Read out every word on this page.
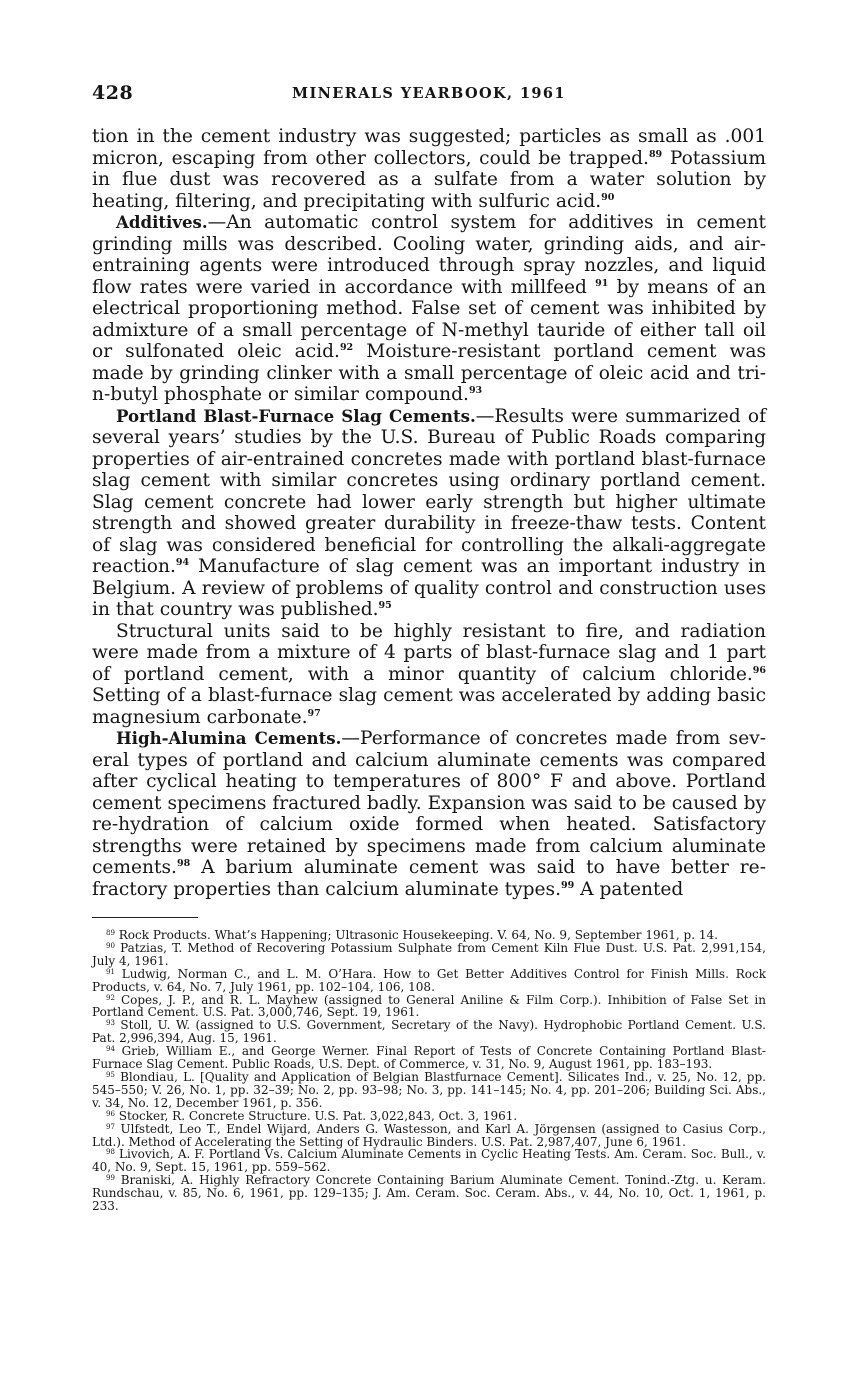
428	MINERALS YEARBOOK, 1961

tion in the cement industry was suggested; particles as small as .001 micron, escaping from other collectors, could be trapped.$^{89}$ Potassium in flue dust was recovered as a sulfate from a water solution by heating, filtering, and precipitating with sulfuric acid.$^{90}$

Additives.—An automatic control system for additives in cement grinding mills was described. Cooling water, grinding aids, and air-entraining agents were introduced through spray nozzles, and liquid flow rates were varied in accordance with millfeed $^{91}$ by means of an electrical proportioning method. False set of cement was inhibited by admixture of a small percentage of N-methyl tauride of either tall oil or sulfonated oleic acid.$^{92}$ Moisture-resistant portland cement was made by grinding clinker with a small percentage of oleic acid and tri-n-butyl phosphate or similar compound.$^{93}$

Portland Blast-Furnace Slag Cements.—Results were summarized of several years’ studies by the U.S. Bureau of Public Roads comparing properties of air-entrained concretes made with portland blast-furnace slag cement with similar concretes using ordinary portland cement. Slag cement concrete had lower early strength but higher ultimate strength and showed greater durability in freeze-thaw tests. Content of slag was considered beneficial for controlling the alkali-aggregate reaction.$^{94}$ Manufacture of slag cement was an important industry in Belgium. A review of problems of quality control and construction uses in that country was published.$^{95}$

Structural units said to be highly resistant to fire, and radiation were made from a mixture of 4 parts of blast-furnace slag and 1 part of portland cement, with a minor quantity of calcium chloride.$^{96}$ Setting of a blast-furnace slag cement was accelerated by adding basic magnesium carbonate.$^{97}$

High-Alumina Cements.—Performance of concretes made from several types of portland and calcium aluminate cements was compared after cyclical heating to temperatures of 800° F and above. Portland cement specimens fractured badly. Expansion was said to be caused by re-hydration of calcium oxide formed when heated. Satisfactory strengths were retained by specimens made from calcium aluminate cements.$^{98}$ A barium aluminate cement was said to have better refractory properties than calcium aluminate types.$^{99}$ A patented

$^{89}$ Rock Products. What’s Happening; Ultrasonic Housekeeping. V. 64, No. 9, September 1961, p. 14.

$^{90}$ Patzias, T. Method of Recovering Potassium Sulphate from Cement Kiln Flue Dust. U.S. Pat. 2,991,154, July 4, 1961.

$^{91}$ Ludwig, Norman C., and L. M. O’Hara. How to Get Better Additives Control for Finish Mills. Rock Products, v. 64, No. 7, July 1961, pp. 102–104, 106, 108.

$^{92}$ Copes, J. P., and R. L. Mayhew (assigned to General Aniline & Film Corp.). Inhibition of False Set in Portland Cement. U.S. Pat. 3,000,746, Sept. 19, 1961.

$^{93}$ Stoll, U. W. (assigned to U.S. Government, Secretary of the Navy). Hydrophobic Portland Cement. U.S. Pat. 2,996,394, Aug. 15, 1961.

$^{94}$ Grieb, William E., and George Werner. Final Report of Tests of Concrete Containing Portland Blast-Furnace Slag Cement. Public Roads, U.S. Dept. of Commerce, v. 31, No. 9, August 1961, pp. 183–193.

$^{95}$ Blondiau, L. [Quality and Application of Belgian Blastfurnace Cement]. Silicates Ind., v. 25, No. 12, pp. 545–550; V. 26, No. 1, pp. 32–39; No. 2, pp. 93–98; No. 3, pp. 141–145; No. 4, pp. 201–206; Building Sci. Abs., v. 34, No. 12, December 1961, p. 356.

$^{96}$ Stocker, R. Concrete Structure. U.S. Pat. 3,022,843, Oct. 3, 1961.

$^{97}$ Ulfstedt, Leo T., Endel Wijard, Anders G. Wastesson, and Karl A. Jörgensen (assigned to Casius Corp., Ltd.). Method of Accelerating the Setting of Hydraulic Binders. U.S. Pat. 2,987,407, June 6, 1961.

$^{98}$ Livovich, A. F. Portland Vs. Calcium Aluminate Cements in Cyclic Heating Tests. Am. Ceram. Soc. Bull., v. 40, No. 9, Sept. 15, 1961, pp. 559–562.

$^{99}$ Braniski, A. Highly Refractory Concrete Containing Barium Aluminate Cement. Tonind.-Ztg. u. Keram. Rundschau, v. 85, No. 6, 1961, pp. 129–135; J. Am. Ceram. Soc. Ceram. Abs., v. 44, No. 10, Oct. 1, 1961, p. 233.
